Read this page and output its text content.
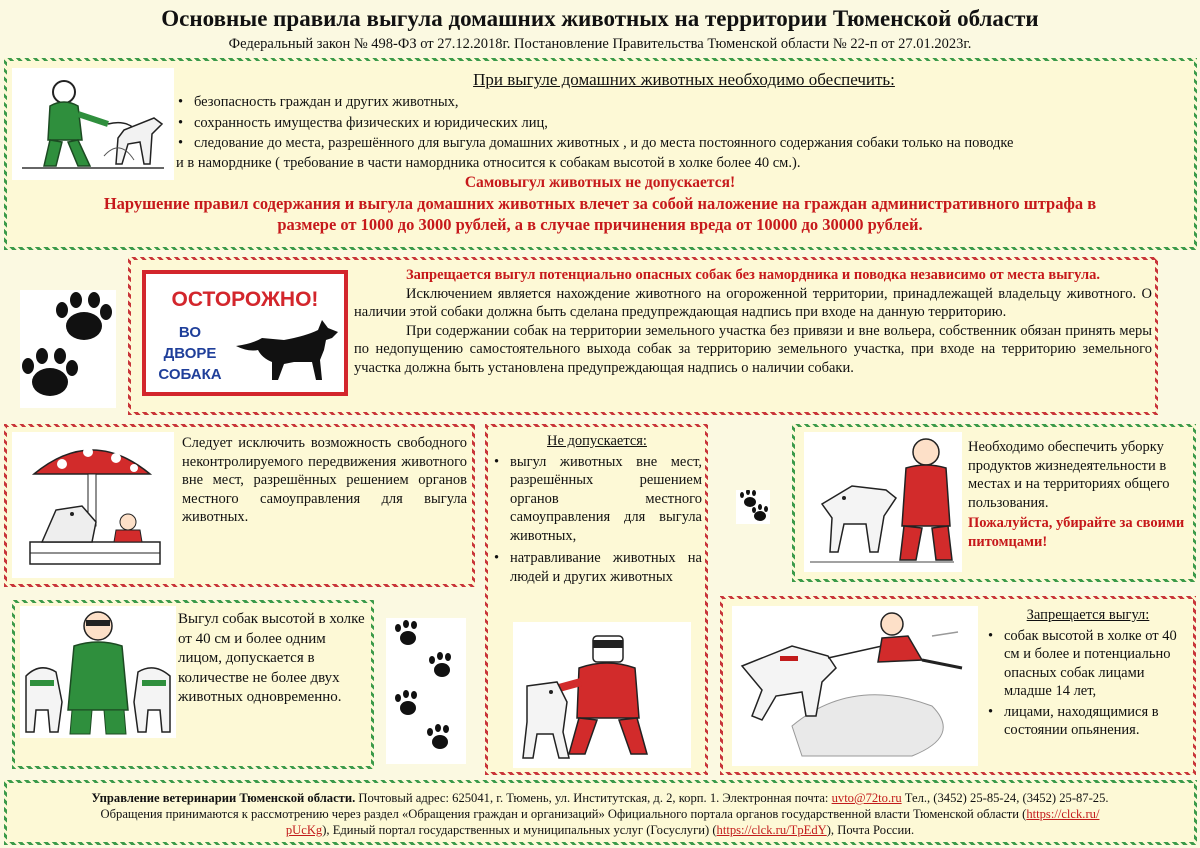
Основные правила выгула домашних животных на территории Тюменской области
Федеральный закон № 498-ФЗ от 27.12.2018г. Постановление Правительства Тюменской области № 22-п от 27.01.2023г.
При выгуле домашних животных необходимо обеспечить:
• безопасность граждан и других животных,
• сохранность имущества физических и юридических лиц,
• следование до места, разрешённого для выгула домашних животных , и до места постоянного содержания собаки только на поводке
и в наморднике ( требование в части намордника относится к собакам высотой в холке более 40 см.).
Самовыгул животных не допускается!
Нарушение правил содержания и выгула домашних животных влечет за собой наложение на граждан административного штрафа в
размере от 1000 до 3000 рублей, а в случае причинения вреда от 10000 до 30000 рублей.
ОСТОРОЖНО!
ВО
ДВОРЕ
СОБАКА
Запрещается выгул потенциально опасных собак без намордника и поводка независимо от места выгула.

Исключением является нахождение животного на огороженной территории, принадлежащей владельцу животного. О наличии этой собаки должна быть сделана предупреждающая надпись при входе на данную территорию.

При содержании собак на территории земельного участка без привязи и вне вольера, собственник обязан принять меры по недопущению самостоятельного выхода собак за территорию земельного участка, при входе на территорию земельного участка должна быть установлена предупреждающая надпись о наличии собаки.

Следует исключить возможность свободного неконтролируемого передвижения животного вне мест, разрешённых решением органов местного самоуправления для выгула животных.
Не допускается:
• выгул животных вне мест, разрешённых решением органов местного самоуправления для выгула животных,
• натравливание животных на людей и других животных
Необходимо обеспечить уборку продуктов жизнедеятельности в местах и на территориях общего пользования.
Пожалуйста, убирайте за своими питомцами!
Выгул собак высотой в холке от 40 см и более одним лицом, допускается в количестве не более двух животных одновременно.
Запрещается выгул:
• собак высотой в холке от 40 см и более и потенциально опасных собак лицами младше 14 лет,
• лицами, находящимися в состоянии опьянения.
Управление ветеринарии Тюменской области. Почтовый адрес: 625041, г. Тюмень, ул. Институтская, д. 2, корп. 1. Электронная почта: uvto@72to.ru Тел., (3452) 25-85-24, (3452) 25-87-25.
Обращения принимаются к рассмотрению через раздел «Обращения граждан и организаций» Официального портала органов государственной власти Тюменской области (https://clck.ru/
pUcKg), Единый портал государственных и муниципальных услуг (Госуслуги) (https://clck.ru/TpEdY), Почта России.
